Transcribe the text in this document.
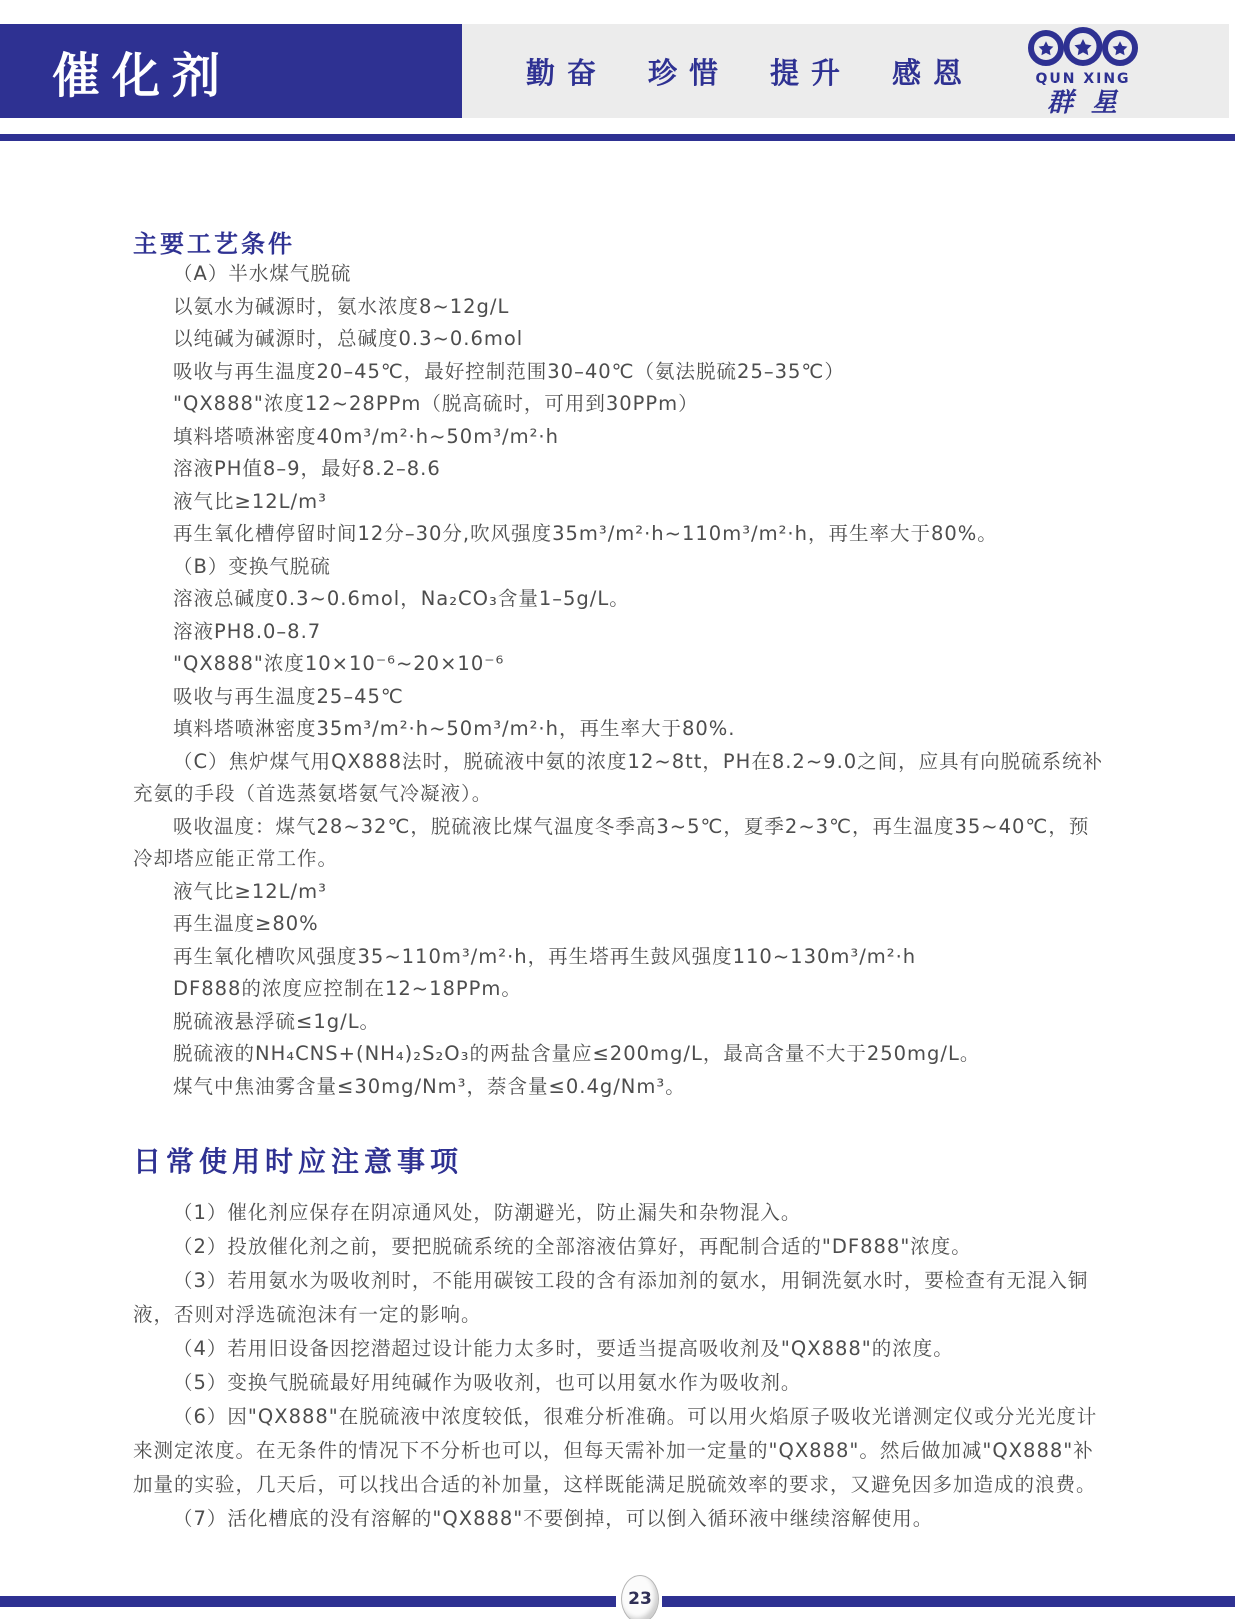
催化剂	勤奋 珍惜 提升 感恩	QUN XING
群星
主要工艺条件

（A）半水煤气脱硫

以氨水为碱源时，氨水浓度8~12g/L

以纯碱为碱源时，总碱度0.3~0.6mol

吸收与再生温度20–45℃，最好控制范围30–40℃（氨法脱硫25–35℃）

"QX888"浓度12~28PPm（脱高硫时，可用到30PPm）

填料塔喷淋密度40m³/m²·h~50m³/m²·h

溶液PH值8–9，最好8.2–8.6

液气比≥12L/m³

再生氧化槽停留时间12分–30分,吹风强度35m³/m²·h~110m³/m²·h，再生率大于80%。

（B）变换气脱硫

溶液总碱度0.3~0.6mol，Na₂CO₃含量1–5g/L。

溶液PH8.0–8.7

"QX888"浓度10×10⁻⁶~20×10⁻⁶

吸收与再生温度25–45℃

填料塔喷淋密度35m³/m²·h~50m³/m²·h，再生率大于80%.

（C）焦炉煤气用QX888法时，脱硫液中氨的浓度12~8tt，PH在8.2~9.0之间，应具有向脱硫系统补充氨的手段（首选蒸氨塔氨气冷凝液）。

吸收温度：煤气28~32℃，脱硫液比煤气温度冬季高3~5℃，夏季2~3℃，再生温度35~40℃，预冷却塔应能正常工作。

液气比≥12L/m³

再生温度≥80%

再生氧化槽吹风强度35~110m³/m²·h，再生塔再生鼓风强度110~130m³/m²·h

DF888的浓度应控制在12~18PPm。

脱硫液悬浮硫≤1g/L。

脱硫液的NH₄CNS+(NH₄)₂S₂O₃的两盐含量应≤200mg/L，最高含量不大于250mg/L。

煤气中焦油雾含量≤30mg/Nm³，萘含量≤0.4g/Nm³。

日常使用时应注意事项

（1）催化剂应保存在阴凉通风处，防潮避光，防止漏失和杂物混入。

（2）投放催化剂之前，要把脱硫系统的全部溶液估算好，再配制合适的"DF888"浓度。

（3）若用氨水为吸收剂时，不能用碳铵工段的含有添加剂的氨水，用铜洗氨水时，要检查有无混入铜液，否则对浮选硫泡沫有一定的影响。

（4）若用旧设备因挖潜超过设计能力太多时，要适当提高吸收剂及"QX888"的浓度。

（5）变换气脱硫最好用纯碱作为吸收剂，也可以用氨水作为吸收剂。

（6）因"QX888"在脱硫液中浓度较低，很难分析准确。可以用火焰原子吸收光谱测定仪或分光光度计来测定浓度。在无条件的情况下不分析也可以，但每天需补加一定量的"QX888"。然后做加减"QX888"补加量的实验，几天后，可以找出合适的补加量，这样既能满足脱硫效率的要求，又避免因多加造成的浪费。

（7）活化槽底的没有溶解的"QX888"不要倒掉，可以倒入循环液中继续溶解使用。

23
